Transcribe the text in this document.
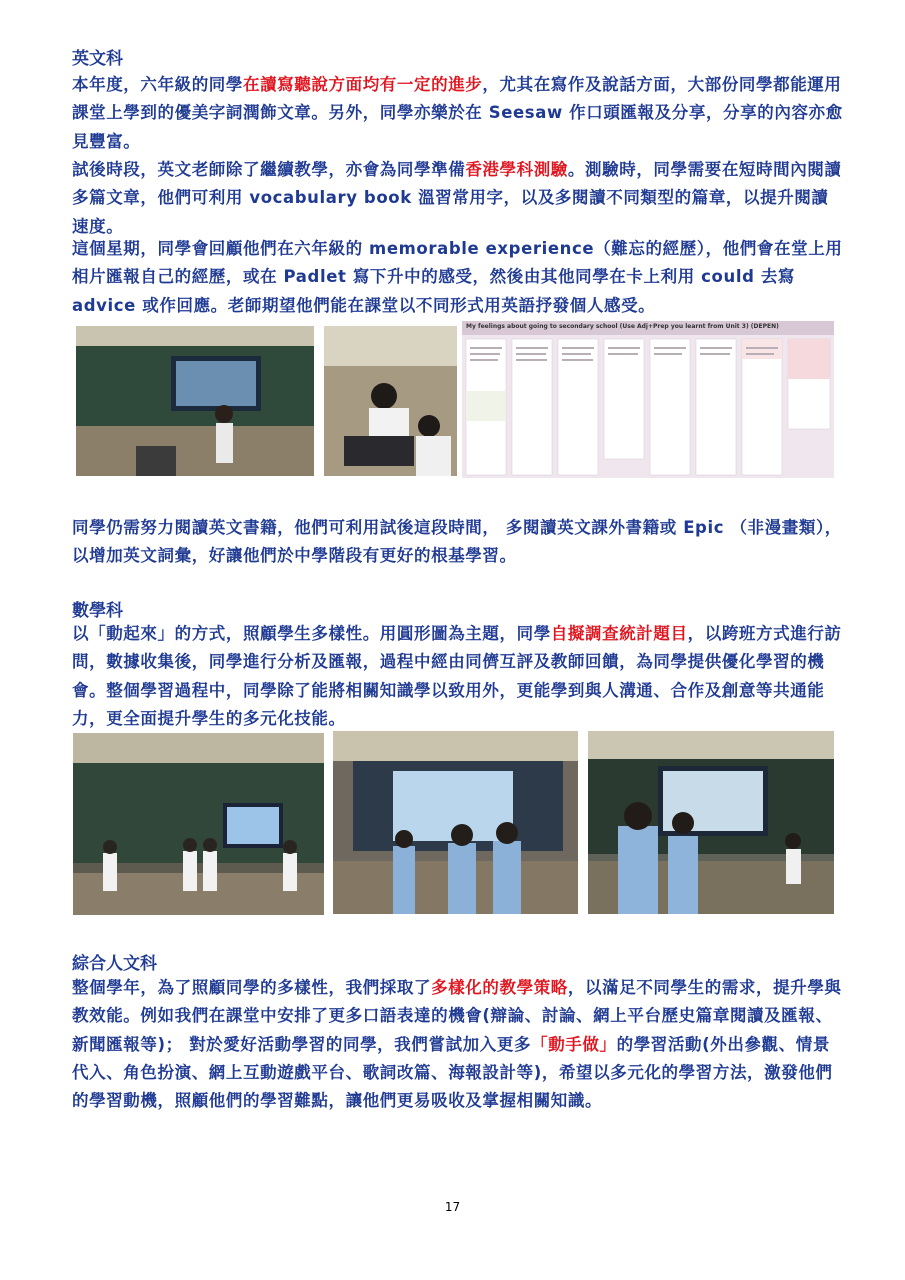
英文科

本年度，六年級的同學在讀寫聽說方面均有一定的進步，尤其在寫作及說話方面，大部份同學都能運用課堂上學到的優美字詞潤飾文章。另外，同學亦樂於在 Seesaw 作口頭匯報及分享，分享的內容亦愈見豐富。

試後時段，英文老師除了繼續教學，亦會為同學準備香港學科測驗。測驗時，同學需要在短時間內閱讀多篇文章，他們可利用 vocabulary book 溫習常用字，以及多閱讀不同類型的篇章，以提升閱讀速度。

這個星期，同學會回顧他們在六年級的 memorable experience（難忘的經歷），他們會在堂上用相片匯報自己的經歷，或在 Padlet 寫下升中的感受，然後由其他同學在卡上利用 could 去寫 advice 或作回應。老師期望他們能在課堂以不同形式用英語抒發個人感受。

My feelings about going to secondary school (Use Adj+Prep you learnt from Unit 3) (DEPEN)

同學仍需努力閱讀英文書籍，他們可利用試後這段時間， 多閱讀英文課外書籍或 Epic （非漫畫類），以增加英文詞彙，好讓他們於中學階段有更好的根基學習。

數學科

以「動起來」的方式，照顧學生多樣性。用圓形圖為主題，同學自擬調查統計題目，以跨班方式進行訪問，數據收集後，同學進行分析及匯報，過程中經由同儕互評及教師回饋，為同學提供優化學習的機會。整個學習過程中，同學除了能將相關知識學以致用外，更能學到與人溝通、合作及創意等共通能力，更全面提升學生的多元化技能。

綜合人文科

整個學年，為了照顧同學的多樣性，我們採取了多樣化的教學策略，以滿足不同學生的需求，提升學與教效能。例如我們在課堂中安排了更多口語表達的機會(辯論、討論、網上平台歷史篇章閱讀及匯報、新聞匯報等)； 對於愛好活動學習的同學，我們嘗試加入更多「動手做」的學習活動(外出參觀、情景代入、角色扮演、網上互動遊戲平台、歌詞改篇、海報設計等)，希望以多元化的學習方法，激發他們的學習動機，照顧他們的學習難點，讓他們更易吸收及掌握相關知識。

17
